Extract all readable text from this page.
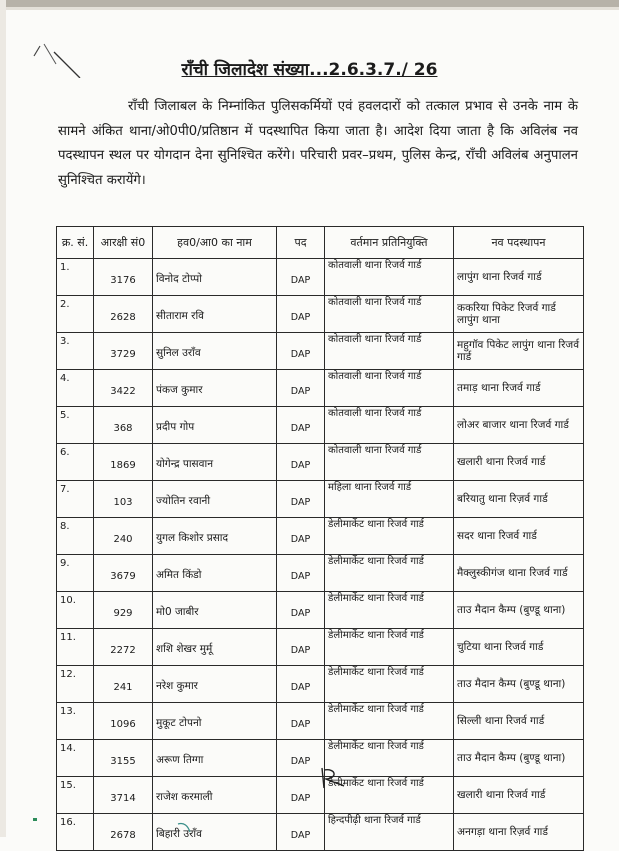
राँची जिलादेश संख्या...2.6.3.7./ 26
राँची जिलाबल के निम्नांकित पुलिसकर्मियों एवं हवलदारों को तत्काल प्रभाव से उनके नाम के सामने अंकित थाना/ओ0पी0/प्रतिष्ठान में पदस्थापित किया जाता है। आदेश दिया जाता है कि अविलंब नव पदस्थापन स्थल पर योगदान देना सुनिश्चित करेंगे। परिचारी प्रवर–प्रथम, पुलिस केन्द्र, राँची अविलंब अनुपालन सुनिश्चित करायेंगे।
क्र. सं.	आरक्षी सं0	हव0/आ0 का नाम	पद	वर्तमान प्रतिनियुक्ति	नव पदस्थापन
1.	3176	विनोद टोप्पो	DAP	कोतवाली थाना रिजर्व गार्ड	लापुंग थाना रिजर्व गार्ड
2.	2628	सीताराम रवि	DAP	कोतवाली थाना रिजर्व गार्ड	ककरिया पिकेट रिजर्व गार्ड लापुंग थाना
3.	3729	सुनिल उराँव	DAP	कोतवाली थाना रिजर्व गार्ड	महुगॉव पिकेट लापुंग थाना रिजर्व गार्ड
4.	3422	पंकज कुमार	DAP	कोतवाली थाना रिजर्व गार्ड	तमाड़ थाना रिजर्व गार्ड
5.	368	प्रदीप गोप	DAP	कोतवाली थाना रिजर्व गार्ड	लोअर बाजार थाना रिजर्व गार्ड
6.	1869	योगेन्द्र पासवान	DAP	कोतवाली थाना रिजर्व गार्ड	खलारी थाना रिजर्व गार्ड
7.	103	ज्योतिन रवानी	DAP	महिला थाना रिजर्व गार्ड	बरियातु थाना रिज़र्व गार्ड
8.	240	युगल किशोर प्रसाद	DAP	डेलीमार्केट थाना रिजर्व गार्ड	सदर थाना रिजर्व गार्ड
9.	3679	अमित किंडो	DAP	डेलीमार्केट थाना रिजर्व गार्ड	मैक्लुस्कीगंज थाना रिजर्व गार्ड
10.	929	मो0 जाबीर	DAP	डेलीमार्केट थाना रिजर्व गार्ड	ताउ मैदान कैम्प (बुण्डू थाना)
11.	2272	शशि शेखर मुर्मू	DAP	डेलीमार्केट थाना रिजर्व गार्ड	चुटिया थाना रिजर्व गार्ड
12.	241	नरेश कुमार	DAP	डेलीमार्केट थाना रिजर्व गार्ड	ताउ मैदान कैम्प (बुण्डू थाना)
13.	1096	मुकूट टोपनो	DAP	डेलीमार्केट थाना रिजर्व गार्ड	सिल्ली थाना रिजर्व गार्ड
14.	3155	अरूण तिग्गा	DAP	डेलीमार्केट थाना रिजर्व गार्ड	ताउ मैदान कैम्प (बुण्डू थाना)
15.	3714	राजेश करमाली	DAP	डेलीमार्केट थाना रिजर्व गार्ड	खलारी थाना रिजर्व गार्ड
16.	2678	बिहारी उराँव	DAP	हिन्दपीढ़ी थाना रिजर्व गार्ड	अनगड़ा थाना रिज़र्व गार्ड
